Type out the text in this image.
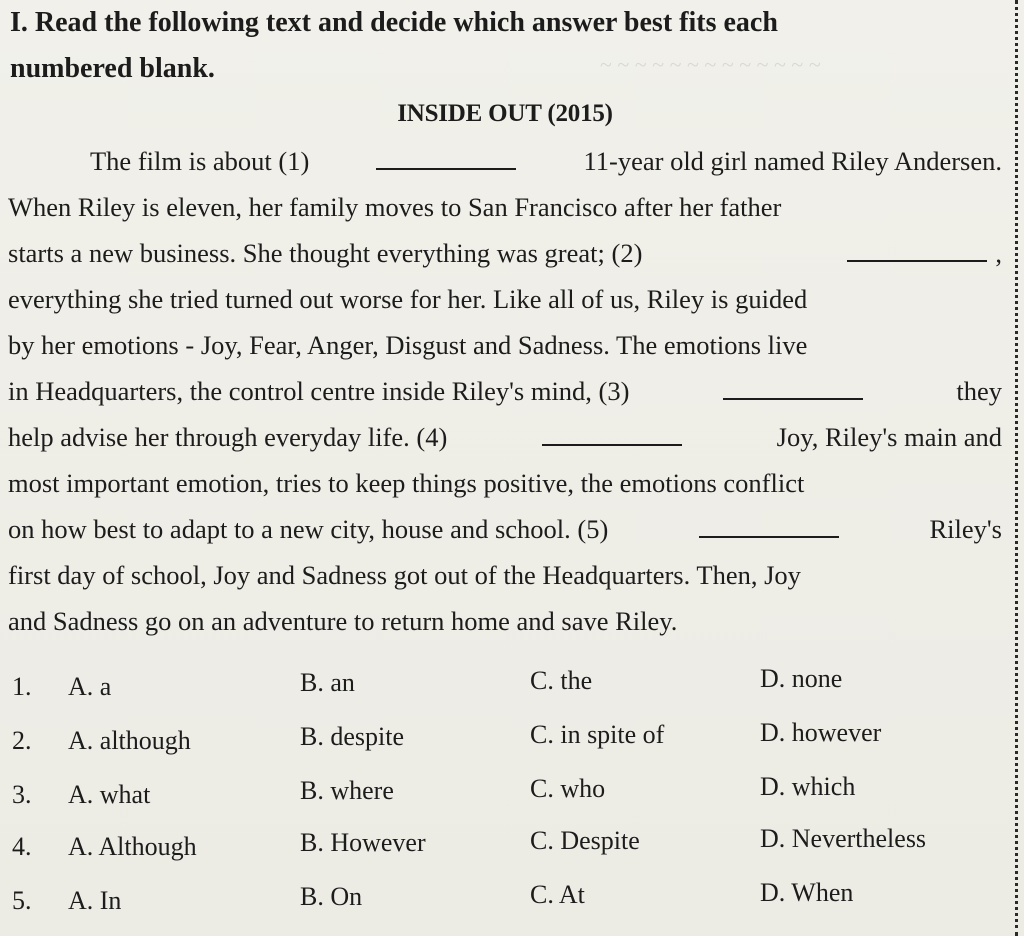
~ ~ ~ ~ ~ ~ ~ ~ ~ ~ ~ ~ ~
I. Read the following text and decide which answer best fits each
numbered blank.
INSIDE OUT (2015)
The film is about (1)	11-year old girl named Riley Andersen.
When Riley is eleven, her family moves to San Francisco after her father
starts a new business. She thought everything was great; (2)	,
everything she tried turned out worse for her. Like all of us, Riley is guided
by her emotions - Joy, Fear, Anger, Disgust and Sadness. The emotions live
in Headquarters, the control centre inside Riley's mind, (3)	they
help advise her through everyday life. (4)	Joy, Riley's main and
most important emotion, tries to keep things positive, the emotions conflict
on how best to adapt to a new city, house and school. (5)	Riley's
first day of school, Joy and Sadness got out of the Headquarters. Then, Joy
and Sadness go on an adventure to return home and save Riley.
1. A. a	B. an	C. the	D. none
2. A. although	B. despite	C. in spite of	D. however
3. A. what	B. where	C. who	D. which
4. A. Although	B. However	C. Despite	D. Nevertheless
5. A. In	B. On	C. At	D. When
